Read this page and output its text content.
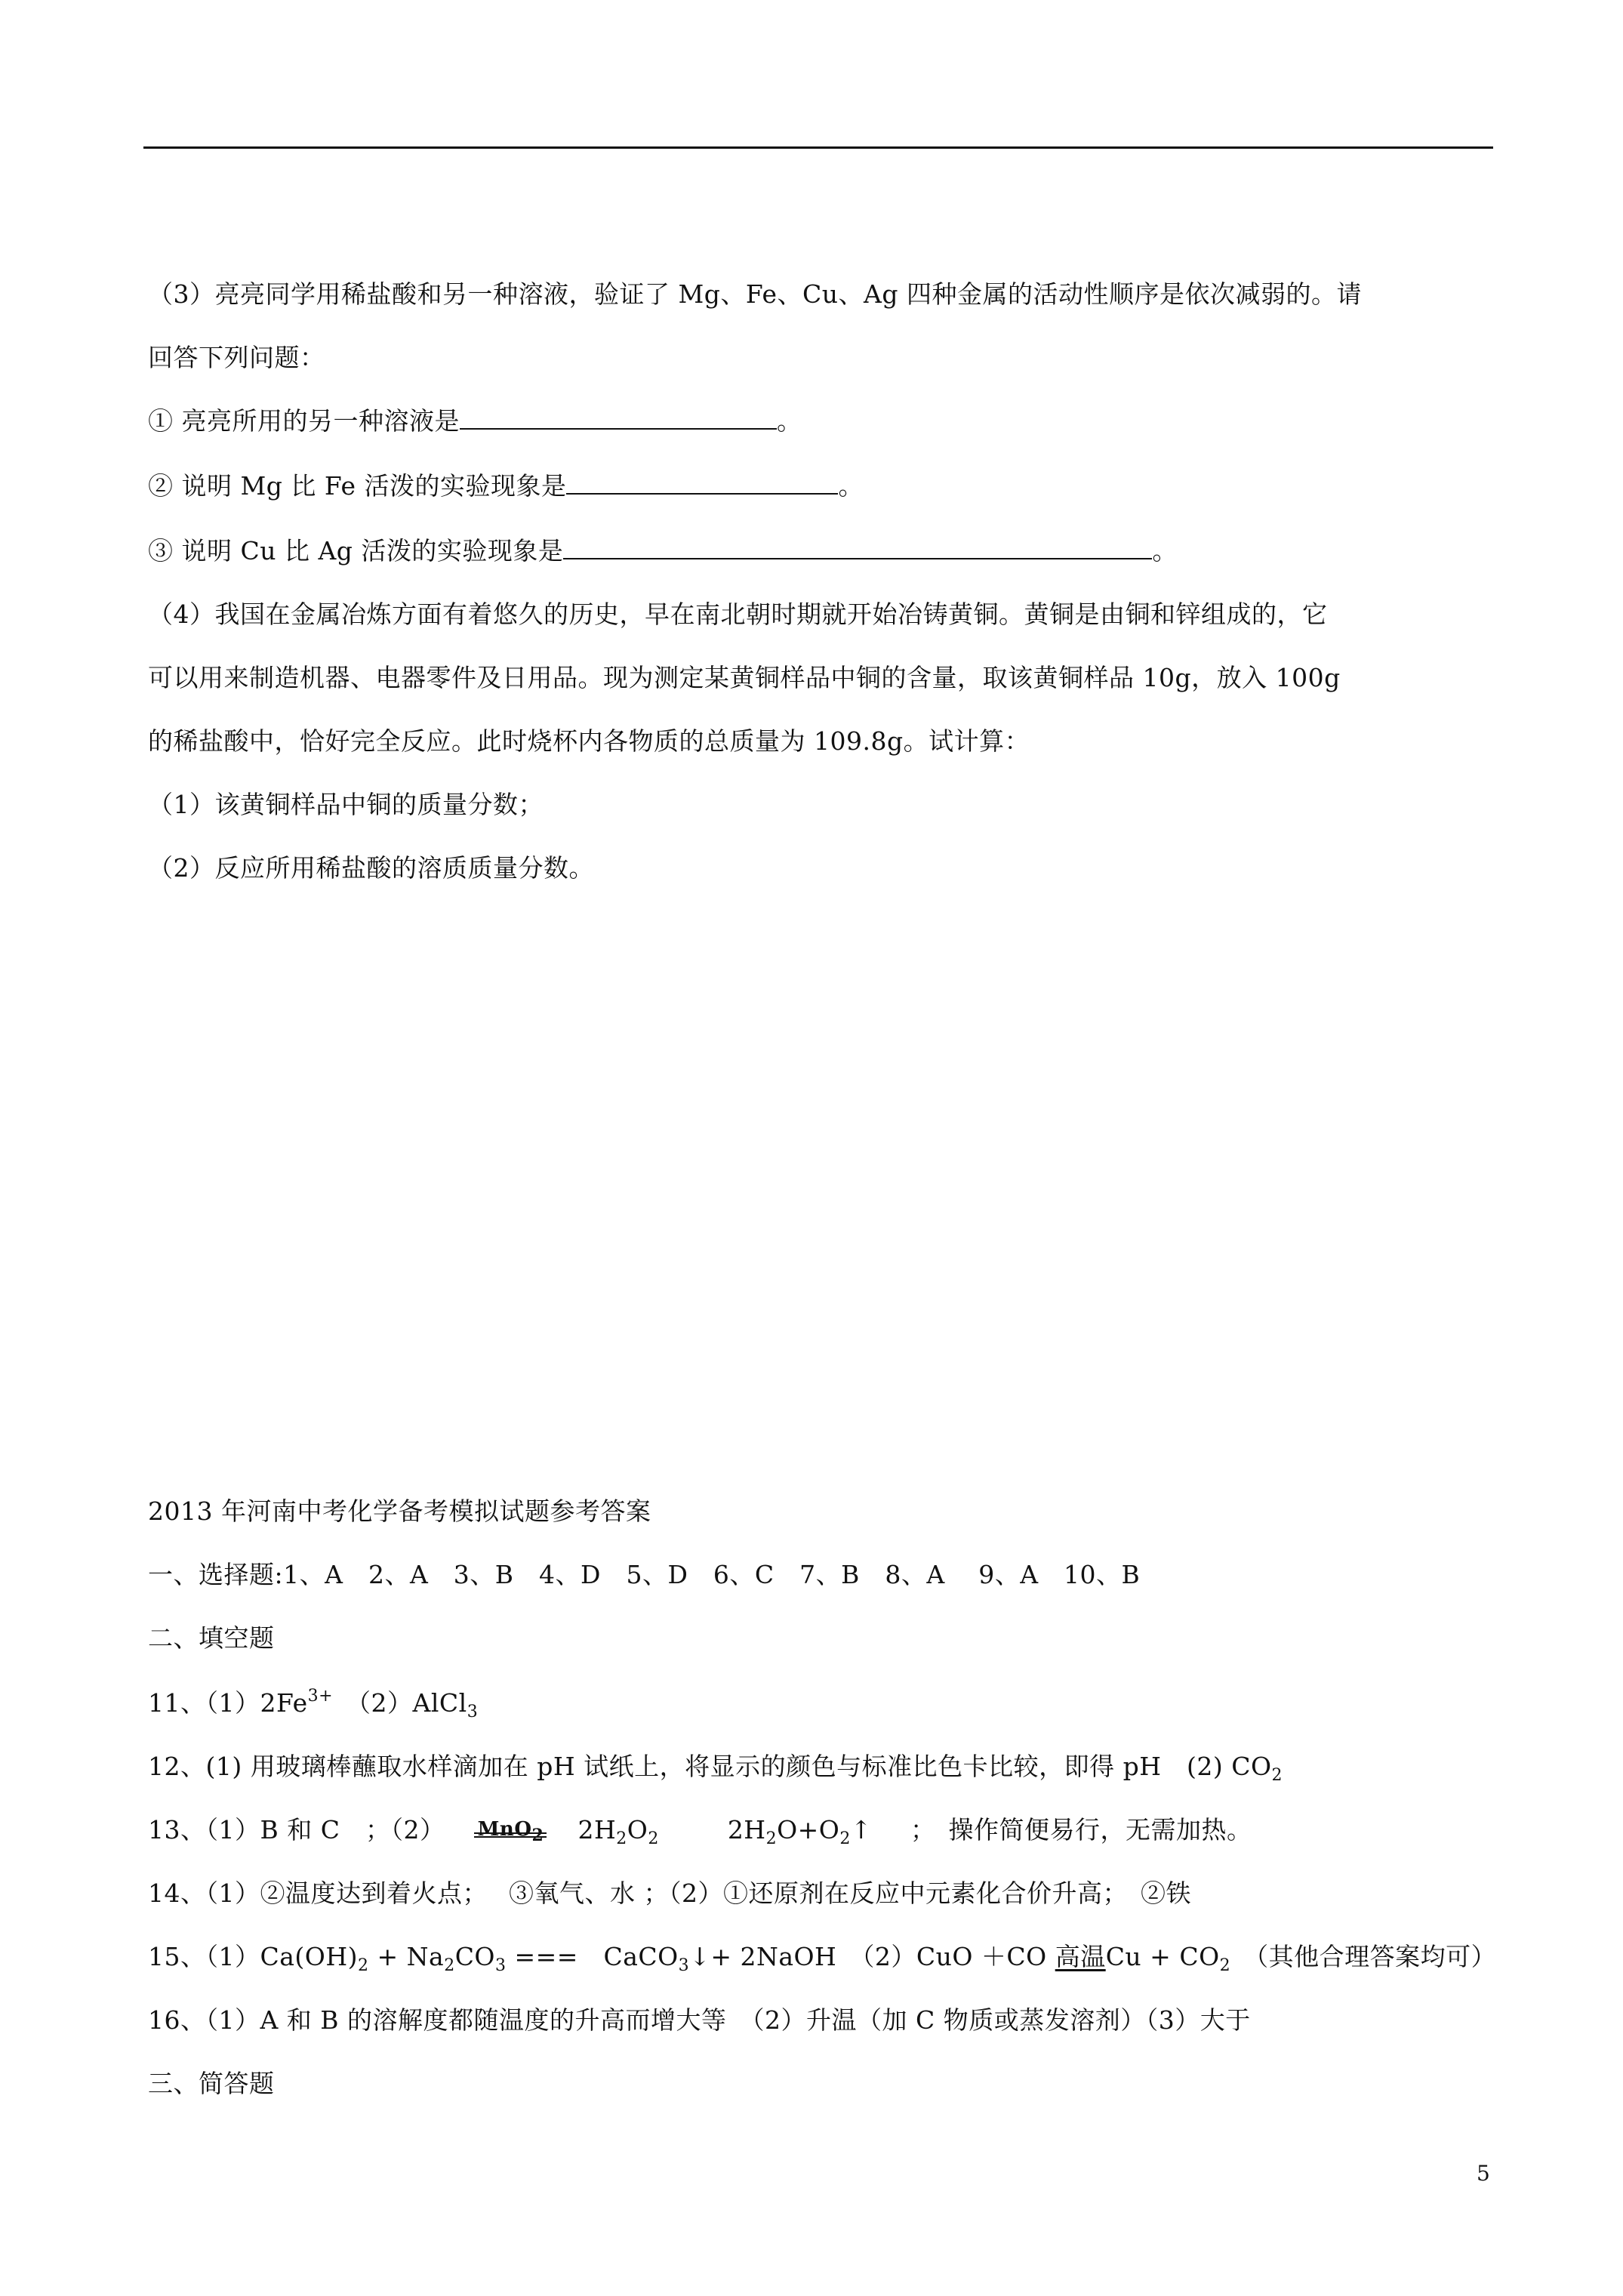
（3）亮亮同学用稀盐酸和另一种溶液，验证了 Mg、Fe、Cu、Ag 四种金属的活动性顺序是依次减弱的。请
回答下列问题：
① 亮亮所用的另一种溶液是	。
② 说明 Mg 比 Fe 活泼的实验现象是	。
③ 说明 Cu 比 Ag 活泼的实验现象是	。
（4）我国在金属冶炼方面有着悠久的历史，早在南北朝时期就开始冶铸黄铜。黄铜是由铜和锌组成的，它
可以用来制造机器、电器零件及日用品。现为测定某黄铜样品中铜的含量，取该黄铜样品 10g，放入 100g
的稀盐酸中，恰好完全反应。此时烧杯内各物质的总质量为 109.8g。试计算：
（1）该黄铜样品中铜的质量分数；
（2）反应所用稀盐酸的溶质质量分数。
2013 年河南中考化学备考模拟试题参考答案
一、选择题:1、A　2、A　3、B　4、D　5、D　6、C　7、B　8、A　 9、A　10、B
二、填空题
11、$(1)2Fe^{3+}$　（2）AlCl$_3$
12、(1) 用玻璃棒蘸取水样滴加在 pH 试纸上，将显示的颜色与标准比色卡比较，即得 pH　(2) $CO_2$
13、（1）B 和 C　；（2）	MnO$_2$	$2H_2O_2$	$2H_2O+O_2↑$ ；　操作简便易行，无需加热。
14、（1）②温度达到着火点；　 ③氧气、水 ；（2）①还原剂在反应中元素化合价升高；　②铁
15、$(1)Ca(OH)_2 + Na_2CO_3$ ===　CaCO$_3$↓+ 2NaOH　（2）CuO ＋CO 高温$Cu + CO_2$　（其他合理答案均可）
16、（1）A 和 B 的溶解度都随温度的升高而增大等　（2）升温（加 C 物质或蒸发溶剂）（3）大于
三、简答题
5
